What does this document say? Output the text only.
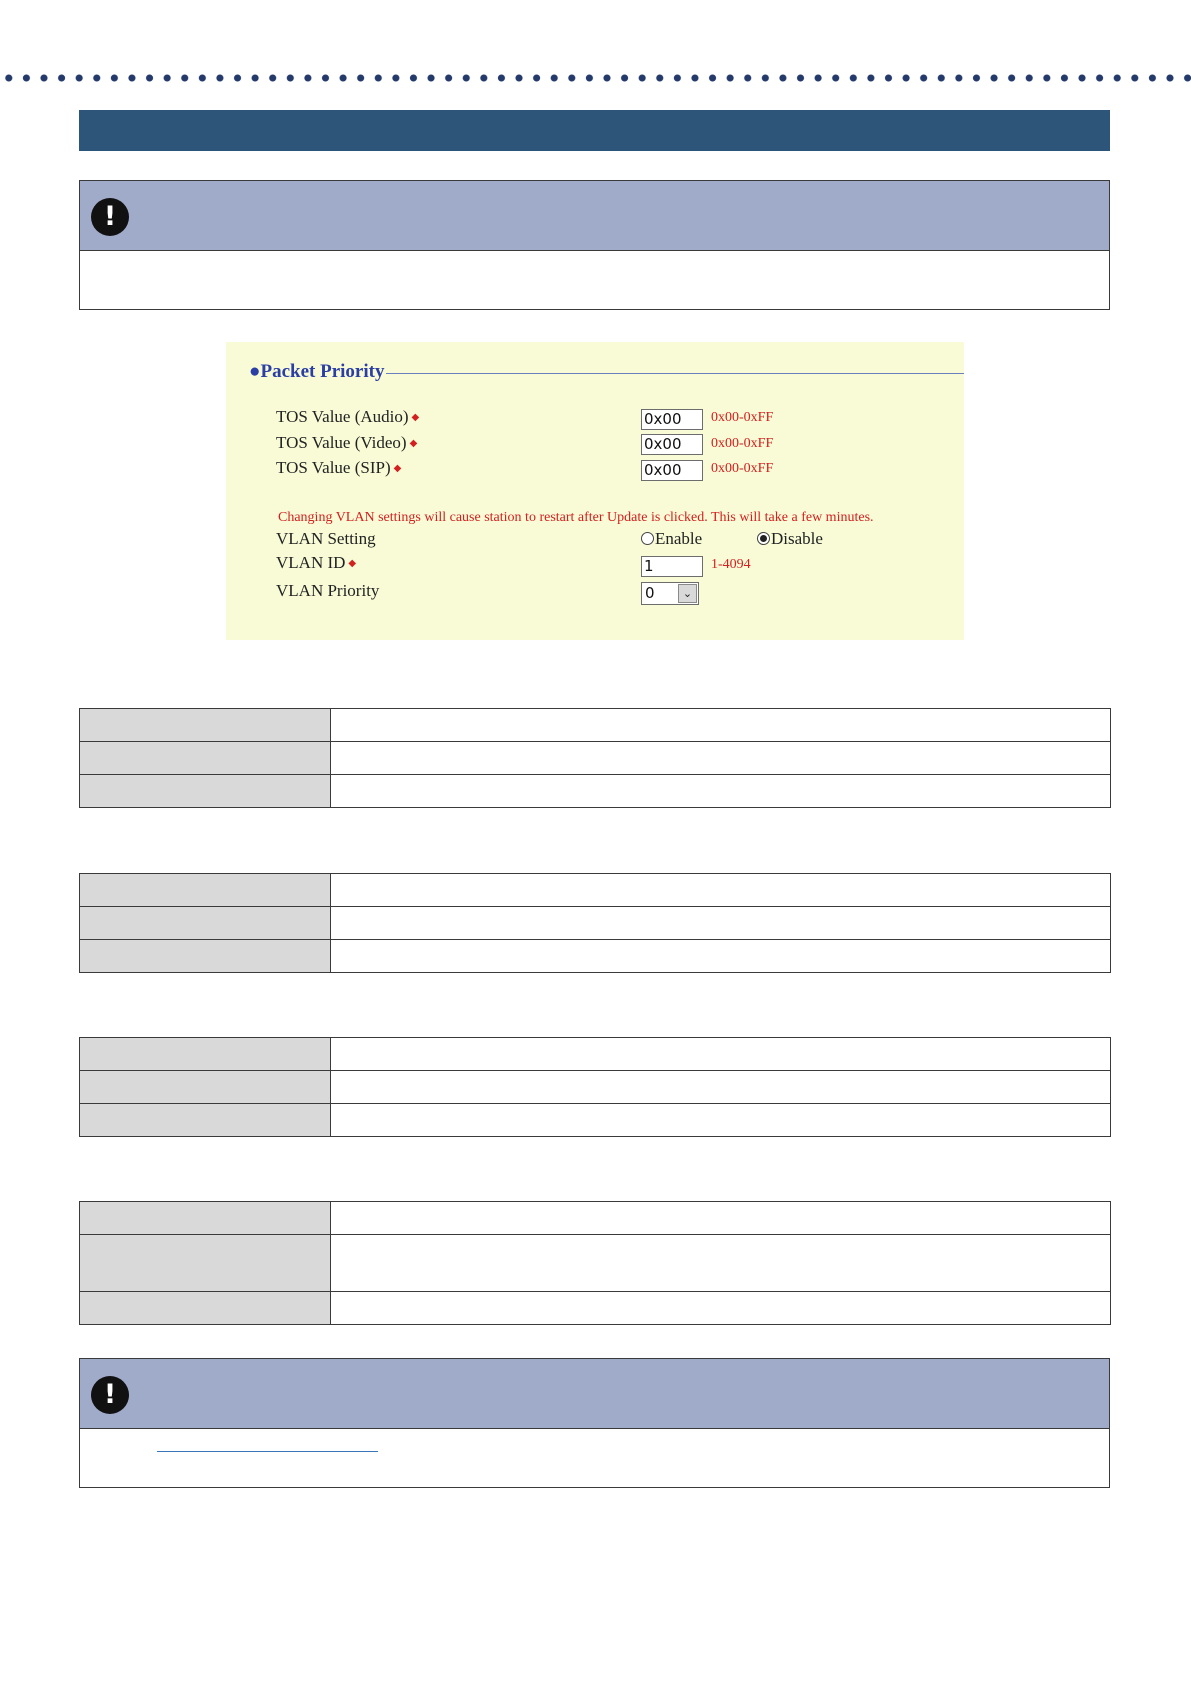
!
●Packet Priority
TOS Value (Audio) ◆	0x00	0x00-0xFF
TOS Value (Video) ◆	0x00	0x00-0xFF
TOS Value (SIP) ◆	0x00	0x00-0xFF
Changing VLAN settings will cause station to restart after Update is clicked. This will take a few minutes.
VLAN Setting	Enable	Disable
VLAN ID ◆	1	1-4094
VLAN Priority	0	⌄

!
